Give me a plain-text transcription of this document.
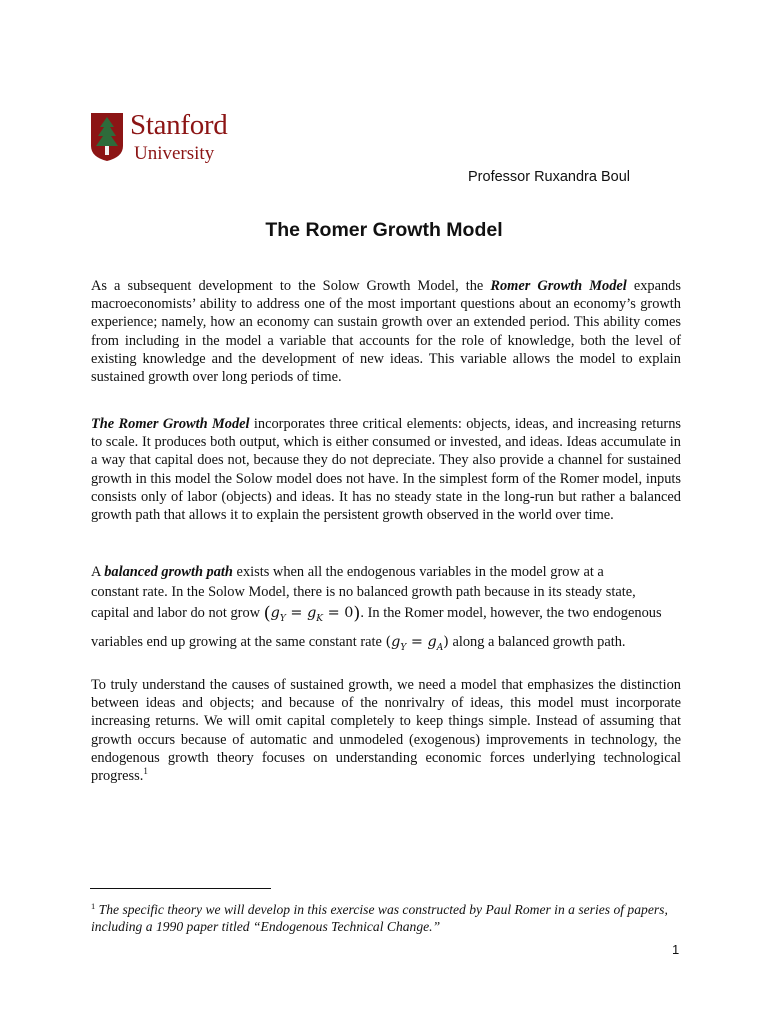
Stanford
University
Professor Ruxandra Boul
The Romer Growth Model

As a subsequent development to the Solow Growth Model, the Romer Growth Model expands macroeconomists’ ability to address one of the most important questions about an economy’s growth experience; namely, how an economy can sustain growth over an extended period. This ability comes from including in the model a variable that accounts for the role of knowledge, both the level of existing knowledge and the development of new ideas. This variable allows the model to explain sustained growth over long periods of time.

The Romer Growth Model incorporates three critical elements: objects, ideas, and increasing returns to scale. It produces both output, which is either consumed or invested, and ideas. Ideas accumulate in a way that capital does not, because they do not depreciate. They also provide a channel for sustained growth in this model the Solow model does not have. In the simplest form of the Romer model, inputs consists only of labor (objects) and ideas. It has no steady state in the long-run but rather a balanced growth path that allows it to explain the persistent growth observed in the world over time.

A balanced growth path exists when all the endogenous variables in the model grow at a
constant rate. In the Solow Model, there is no balanced growth path because in its steady state,
capital and labor do not grow $(g_Y = g_K = 0)$. In the Romer model, however, the two endogenous
variables end up growing at the same constant rate $(g_Y = g_A)$ along a balanced growth path.

To truly understand the causes of sustained growth, we need a model that emphasizes the distinction between ideas and objects; and because of the nonrivalry of ideas, this model must incorporate increasing returns. We will omit capital completely to keep things simple. Instead of assuming that growth occurs because of automatic and unmodeled (exogenous) improvements in technology, the endogenous growth theory focuses on understanding economic forces underlying technological progress.$^1$

$^1$ The specific theory we will develop in this exercise was constructed by Paul Romer in a series of papers, including a 1990 paper titled “Endogenous Technical Change.”

1
